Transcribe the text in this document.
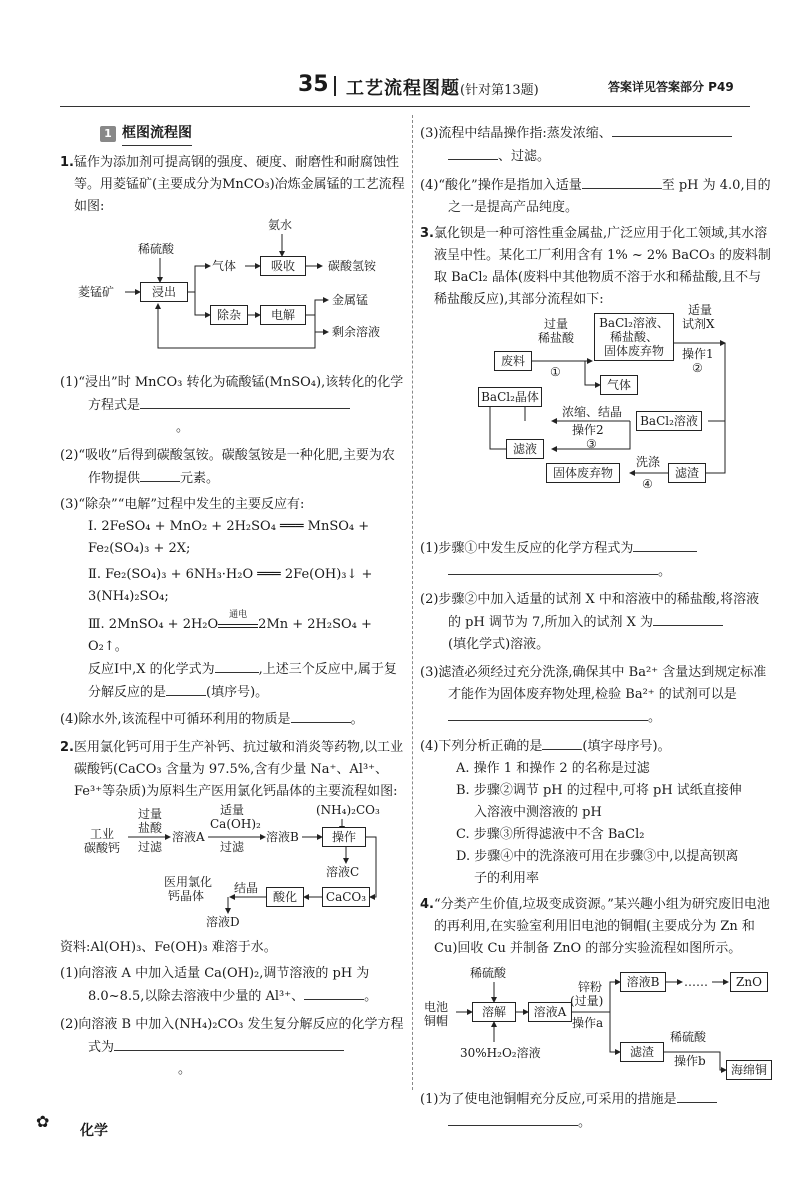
35 工艺流程图题(针对第13题)	答案详见答案部分 P49
1 框图流程图

1.锰作为添加剂可提高钢的强度、硬度、耐磨性和耐腐蚀性等。用菱锰矿(主要成分为MnCO₃)冶炼金属锰的工艺流程如图:

氨水
稀硫酸
菱锰矿	浸出
气体	吸收	碳酸氢铵
除杂	电解
金属锰
剩余溶液

(1)“浸出”时 MnCO₃ 转化为硫酸锰(MnSO₄),该转化的化学方程式是
。

(2)“吸收”后得到碳酸氢铵。碳酸氢铵是一种化肥,主要为农作物提供	元素。

(3)“除杂”“电解”过程中发生的主要反应有:

Ⅰ. 2FeSO₄ + MnO₂ + 2H₂SO₄ ═══ MnSO₄ +

Fe₂(SO₄)₃ + 2X;

Ⅱ. Fe₂(SO₄)₃ + 6NH₃·H₂O ═══ 2Fe(OH)₃↓ +

3(NH₄)₂SO₄;

Ⅲ. 2MnSO₄ + 2H₂O
通电
2Mn + 2H₂SO₄ + O₂↑。

反应Ⅰ中,X 的化学式为	,上述三个反应中,属于复分解反应的是	(填序号)。

(4)除水外,该流程中可循环利用的物质是	。

2.医用氯化钙可用于生产补钙、抗过敏和消炎等药物,以工业碳酸钙(CaCO₃ 含量为 97.5%,含有少量 Na⁺、Al³⁺、Fe³⁺等杂质)为原料生产医用氯化钙晶体的主要流程如图:

工业
碳酸钙
过量
盐酸
过滤
溶液A
适量
Ca(OH)₂
过滤
溶液B
(NH₄)₂CO₃
操作
溶液C
CaCO₃
酸化
结晶
医用氯化
钙晶体
溶液D

资料:Al(OH)₃、Fe(OH)₃ 难溶于水。

(1)向溶液 A 中加入适量 Ca(OH)₂,调节溶液的 pH 为 8.0~8.5,以除去溶液中少量的 Al³⁺、	。

(2)向溶液 B 中加入(NH₄)₂CO₃ 发生复分解反应的化学方程式为
。

(3)流程中结晶操作指:蒸发浓缩、
、过滤。

(4)“酸化”操作是指加入适量	至 pH 为 4.0,目的之一是提高产品纯度。

3.氯化钡是一种可溶性重金属盐,广泛应用于化工领域,其水溶液呈中性。某化工厂利用含有 1% ~ 2% BaCO₃ 的废料制取 BaCl₂ 晶体(废料中其他物质不溶于水和稀盐酸,且不与稀盐酸反应),其部分流程如下:

废料
过量
稀盐酸
①
BaCl₂溶液、
稀盐酸、
固体废弃物
气体
适量
试剂X
操作1
②
BaCl₂晶体
浓缩、结晶
操作2
③
BaCl₂溶液
滤液
固体废弃物
洗涤
④
滤渣

(1)步骤①中发生反应的化学方程式为
。

(2)步骤②中加入适量的试剂 X 中和溶液中的稀盐酸,将溶液的 pH 调节为 7,所加入的试剂 X 为
(填化学式)溶液。

(3)滤渣必须经过充分洗涤,确保其中 Ba²⁺ 含量达到规定标准才能作为固体废弃物处理,检验 Ba²⁺ 的试剂可以是。

(4)下列分析正确的是	(填字母序号)。

A. 操作 1 和操作 2 的名称是过滤

B. 步骤②调节 pH 的过程中,可将 pH 试纸直接伸

入溶液中测溶液的 pH

C. 步骤③所得滤液中不含 BaCl₂

D. 步骤④中的洗涤液可用在步骤③中,以提高钡离

子的利用率

4.“分类产生价值,垃圾变成资源。”某兴趣小组为研究废旧电池的再利用,在实验室利用旧电池的铜帽(主要成分为 Zn 和 Cu)回收 Cu 并制备 ZnO 的部分实验流程如图所示。

稀硫酸
电池
铜帽
溶解	溶液A
锌粉
(过量)
操作a
溶液B	……	ZnO
30%H₂O₂溶液	滤渣
稀硫酸
操作b
海绵铜

(1)为了使电池铜帽充分反应,可采用的措施是
。

✿ 化学
